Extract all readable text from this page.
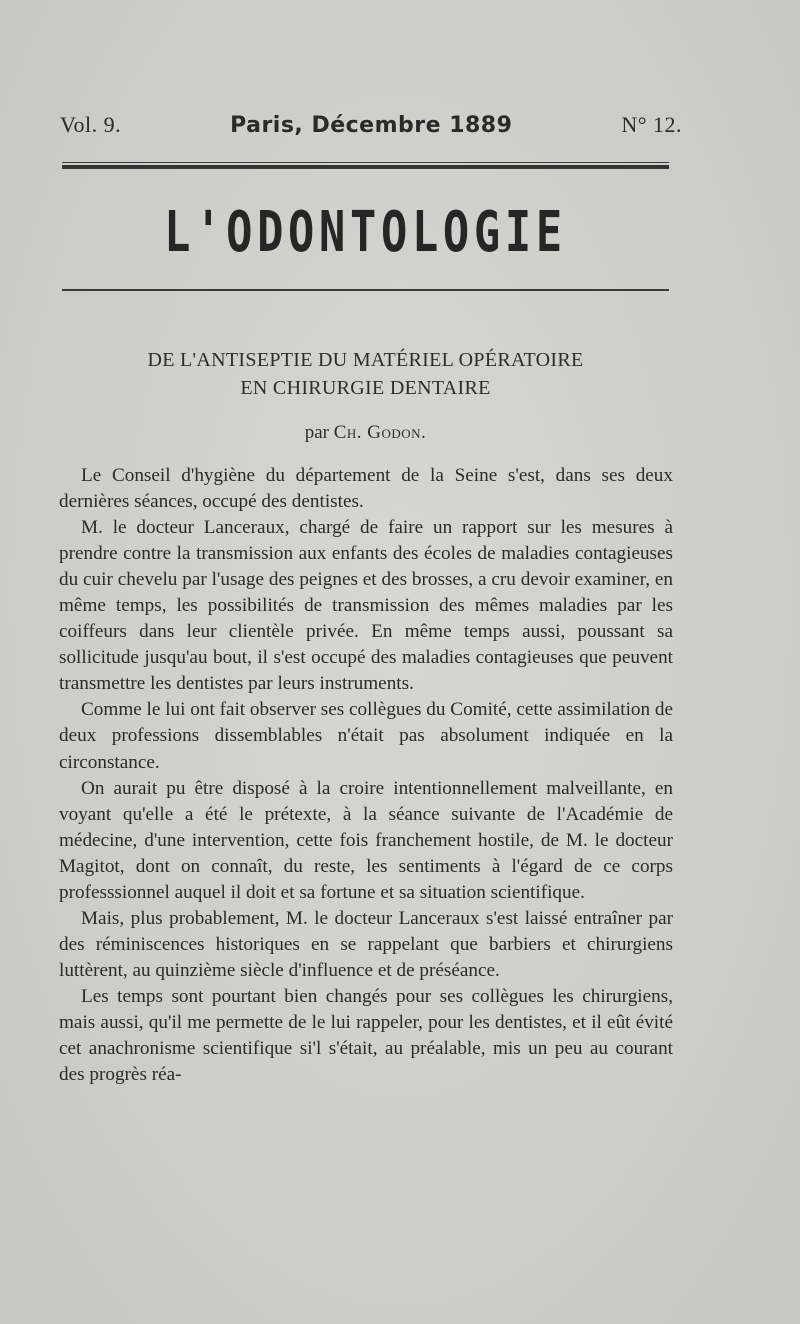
Vol. 9.	Paris, Décembre 1889	N° 12.
L'ODONTOLOGIE
DE L'ANTISEPTIE DU MATÉRIEL OPÉRATOIRE
EN CHIRURGIE DENTAIRE
par Ch. Godon.

Le Conseil d'hygiène du département de la Seine s'est, dans ses deux dernières séances, occupé des dentistes.

M. le docteur Lanceraux, chargé de faire un rapport sur les mesures à prendre contre la transmission aux enfants des écoles de maladies contagieuses du cuir chevelu par l'usage des peignes et des brosses, a cru devoir examiner, en même temps, les possibilités de transmission des mêmes maladies par les coiffeurs dans leur clientèle privée. En même temps aussi, poussant sa sollicitude jusqu'au bout, il s'est occupé des maladies contagieuses que peuvent transmettre les dentistes par leurs instruments.

Comme le lui ont fait observer ses collègues du Comité, cette assimilation de deux professions dissemblables n'était pas absolument indiquée en la circonstance.

On aurait pu être disposé à la croire intentionnellement malveillante, en voyant qu'elle a été le prétexte, à la séance suivante de l'Académie de médecine, d'une intervention, cette fois franchement hostile, de M. le docteur Magitot, dont on connaît, du reste, les sentiments à l'égard de ce corps professsionnel auquel il doit et sa fortune et sa situation scientifique.

Mais, plus probablement, M. le docteur Lanceraux s'est laissé entraîner par des réminiscences historiques en se rappelant que barbiers et chirurgiens luttèrent, au quinzième siècle d'influence et de préséance.

Les temps sont pourtant bien changés pour ses collègues les chirurgiens, mais aussi, qu'il me permette de le lui rappeler, pour les dentistes, et il eût évité cet anachronisme scientifique si'l s'était, au préalable, mis un peu au courant des progrès réa-
